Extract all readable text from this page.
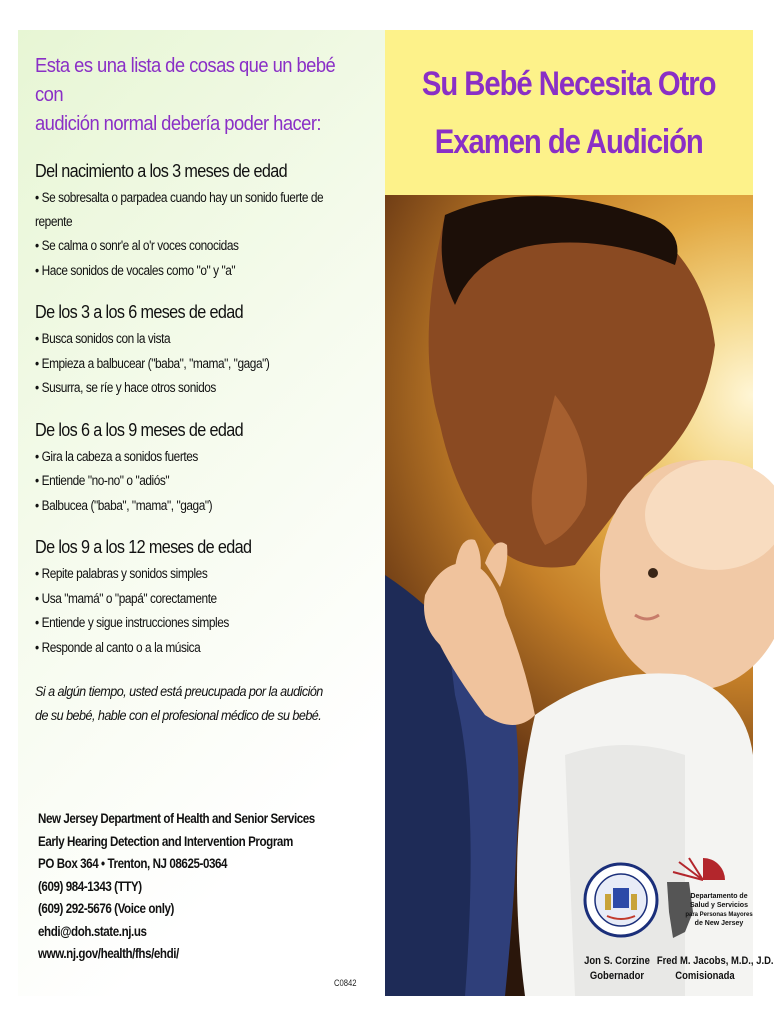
Esta es una lista de cosas que un bebé con
audición normal debería poder hacer:
Del nacimiento a los 3 meses de edad
• Se sobresalta o parpadea cuando hay un sonido fuerte de repente
• Se calma o sonr'e al o'r voces conocidas
• Hace sonidos de vocales como "o" y "a"
De los 3 a los 6 meses de edad
• Busca sonidos con la vista
• Empieza a balbucear ("baba", "mama", "gaga")
• Susurra, se ríe y hace otros sonidos
De los 6 a los 9 meses de edad
• Gira la cabeza a sonidos fuertes
• Entiende "no-no" o "adiós"
• Balbucea ("baba", "mama", "gaga")
De los 9 a los 12 meses de edad
• Repite palabras y sonidos simples
• Usa "mamá" o "papá" corectamente
• Entiende y sigue instrucciones simples
• Responde al canto o a la música
Si a algún tiempo, usted está preucupada por la audición de su bebé, hable con el profesional médico de su bebé.
New Jersey Department of Health and Senior Services
Early Hearing Detection and Intervention Program
PO Box 364 • Trenton, NJ 08625-0364
(609) 984-1343 (TTY)
(609) 292-5676 (Voice only)
ehdi@doh.state.nj.us
www.nj.gov/health/fhs/ehdi/
C0842
Su Bebé Necesita Otro
Examen de Audición
Departamento de
Salud y Servicios
para Personas Mayores
de New Jersey
Jon S. Corzine
Gobernador
Fred M. Jacobs, M.D., J.D.
Comisionada
